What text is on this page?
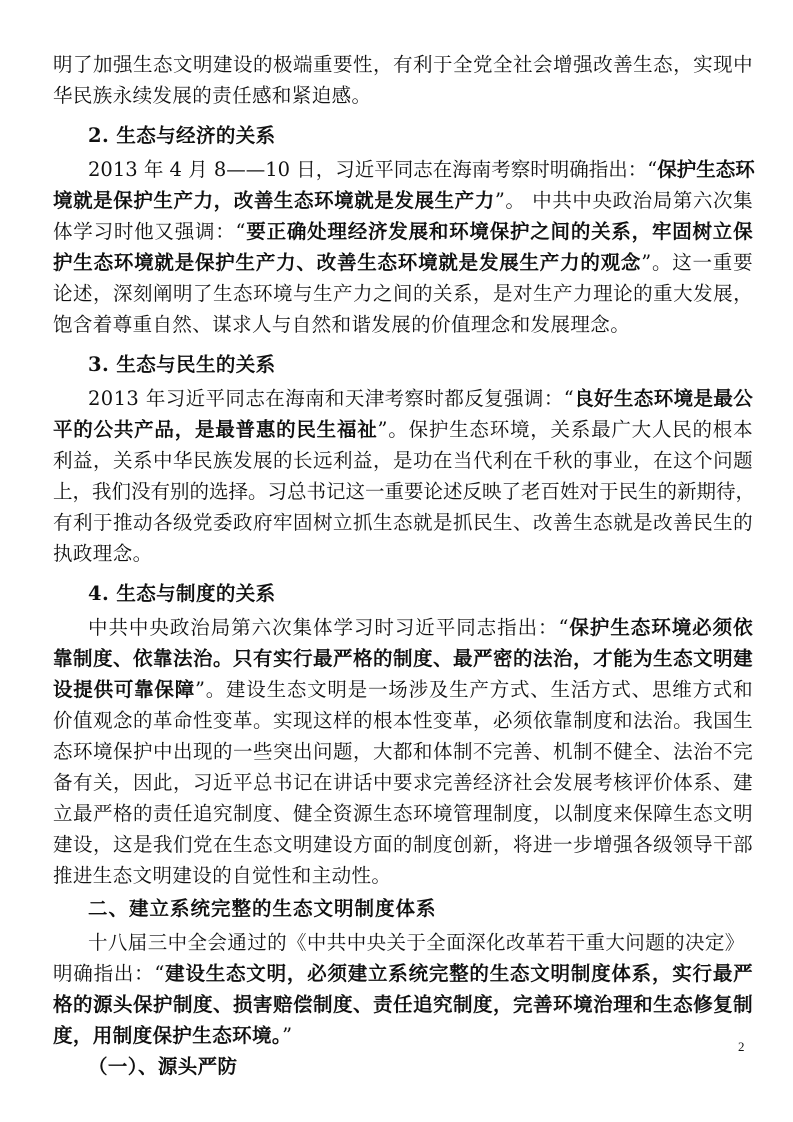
明了加强生态文明建设的极端重要性，有利于全党全社会增强改善生态，实现中
华民族永续发展的责任感和紧迫感。
2. 生态与经济的关系
2013 年 4 月 8——10 日，习近平同志在海南考察时明确指出：“保护生态环
境就是保护生产力，改善生态环境就是发展生产力”。 中共中央政治局第六次集
体学习时他又强调：“要正确处理经济发展和环境保护之间的关系，牢固树立保
护生态环境就是保护生产力、改善生态环境就是发展生产力的观念”。这一重要
论述，深刻阐明了生态环境与生产力之间的关系，是对生产力理论的重大发展，
饱含着尊重自然、谋求人与自然和谐发展的价值理念和发展理念。
3. 生态与民生的关系
2013 年习近平同志在海南和天津考察时都反复强调：“良好生态环境是最公
平的公共产品，是最普惠的民生福祉”。保护生态环境，关系最广大人民的根本
利益，关系中华民族发展的长远利益，是功在当代利在千秋的事业，在这个问题
上，我们没有别的选择。习总书记这一重要论述反映了老百姓对于民生的新期待，
有利于推动各级党委政府牢固树立抓生态就是抓民生、改善生态就是改善民生的
执政理念。
4. 生态与制度的关系
中共中央政治局第六次集体学习时习近平同志指出：“保护生态环境必须依
靠制度、依靠法治。只有实行最严格的制度、最严密的法治，才能为生态文明建
设提供可靠保障”。建设生态文明是一场涉及生产方式、生活方式、思维方式和
价值观念的革命性变革。实现这样的根本性变革，必须依靠制度和法治。我国生
态环境保护中出现的一些突出问题，大都和体制不完善、机制不健全、法治不完
备有关，因此，习近平总书记在讲话中要求完善经济社会发展考核评价体系、建
立最严格的责任追究制度、健全资源生态环境管理制度，以制度来保障生态文明
建设，这是我们党在生态文明建设方面的制度创新，将进一步增强各级领导干部
推进生态文明建设的自觉性和主动性。
二、建立系统完整的生态文明制度体系
十八届三中全会通过的《中共中央关于全面深化改革若干重大问题的决定》
明确指出：“建设生态文明，必须建立系统完整的生态文明制度体系，实行最严
格的源头保护制度、损害赔偿制度、责任追究制度，完善环境治理和生态修复制
度，用制度保护生态环境。”
（一）、源头严防
2
